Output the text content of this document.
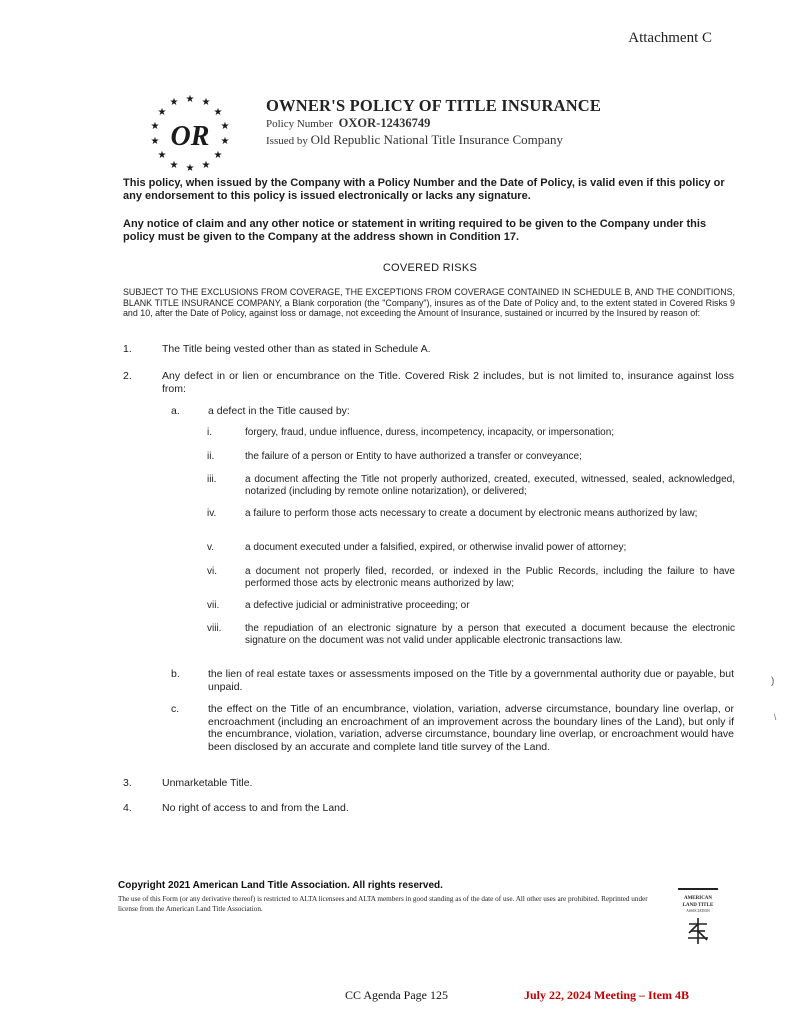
Attachment C
★
★ ★
★	★
★	★
★	★
★	★
★ ★
★
OR
OWNER'S POLICY OF TITLE INSURANCE
Policy Number OXOR-12436749
Issued by Old Republic National Title Insurance Company
This policy, when issued by the Company with a Policy Number and the Date of Policy, is valid even if this policy or any endorsement to this policy is issued electronically or lacks any signature.
Any notice of claim and any other notice or statement in writing required to be given to the Company under this policy must be given to the Company at the address shown in Condition 17.
COVERED RISKS
SUBJECT TO THE EXCLUSIONS FROM COVERAGE, THE EXCEPTIONS FROM COVERAGE CONTAINED IN SCHEDULE B, AND THE CONDITIONS, BLANK TITLE INSURANCE COMPANY, a Blank corporation (the "Company"), insures as of the Date of Policy and, to the extent stated in Covered Risks 9 and 10, after the Date of Policy, against loss or damage, not exceeding the Amount of Insurance, sustained or incurred by the Insured by reason of:
1.	The Title being vested other than as stated in Schedule A.
2.	Any defect in or lien or encumbrance on the Title. Covered Risk 2 includes, but is not limited to, insurance against loss from:
a.	a defect in the Title caused by:
i.	forgery, fraud, undue influence, duress, incompetency, incapacity, or impersonation;
ii.	the failure of a person or Entity to have authorized a transfer or conveyance;
iii.	a document affecting the Title not properly authorized, created, executed, witnessed, sealed, acknowledged, notarized (including by remote online notarization), or delivered;
iv.	a failure to perform those acts necessary to create a document by electronic means authorized by law;
v.	a document executed under a falsified, expired, or otherwise invalid power of attorney;
vi.	a document not properly filed, recorded, or indexed in the Public Records, including the failure to have performed those acts by electronic means authorized by law;
vii.	a defective judicial or administrative proceeding; or
viii. the repudiation of an electronic signature by a person that executed a document because the electronic signature on the document was not valid under applicable electronic transactions law.
b.	the lien of real estate taxes or assessments imposed on the Title by a governmental authority due or payable, but unpaid.
c.	the effect on the Title of an encumbrance, violation, variation, adverse circumstance, boundary line overlap, or encroachment (including an encroachment of an improvement across the boundary lines of the Land), but only if the encumbrance, violation, variation, adverse circumstance, boundary line overlap, or encroachment would have been disclosed by an accurate and complete land title survey of the Land.
3.	Unmarketable Title.
4.	No right of access to and from the Land.
)
\
Copyright 2021 American Land Title Association. All rights reserved.
The use of this Form (or any derivative thereof) is restricted to ALTA licensees and ALTA members in good standing as of the date of use. All other uses are prohibited. Reprinted under license from the American Land Title Association.
AMERICAN
LAND TITLE
ASSOCIATION
CC Agenda Page 125	July 22, 2024 Meeting – Item 4B
